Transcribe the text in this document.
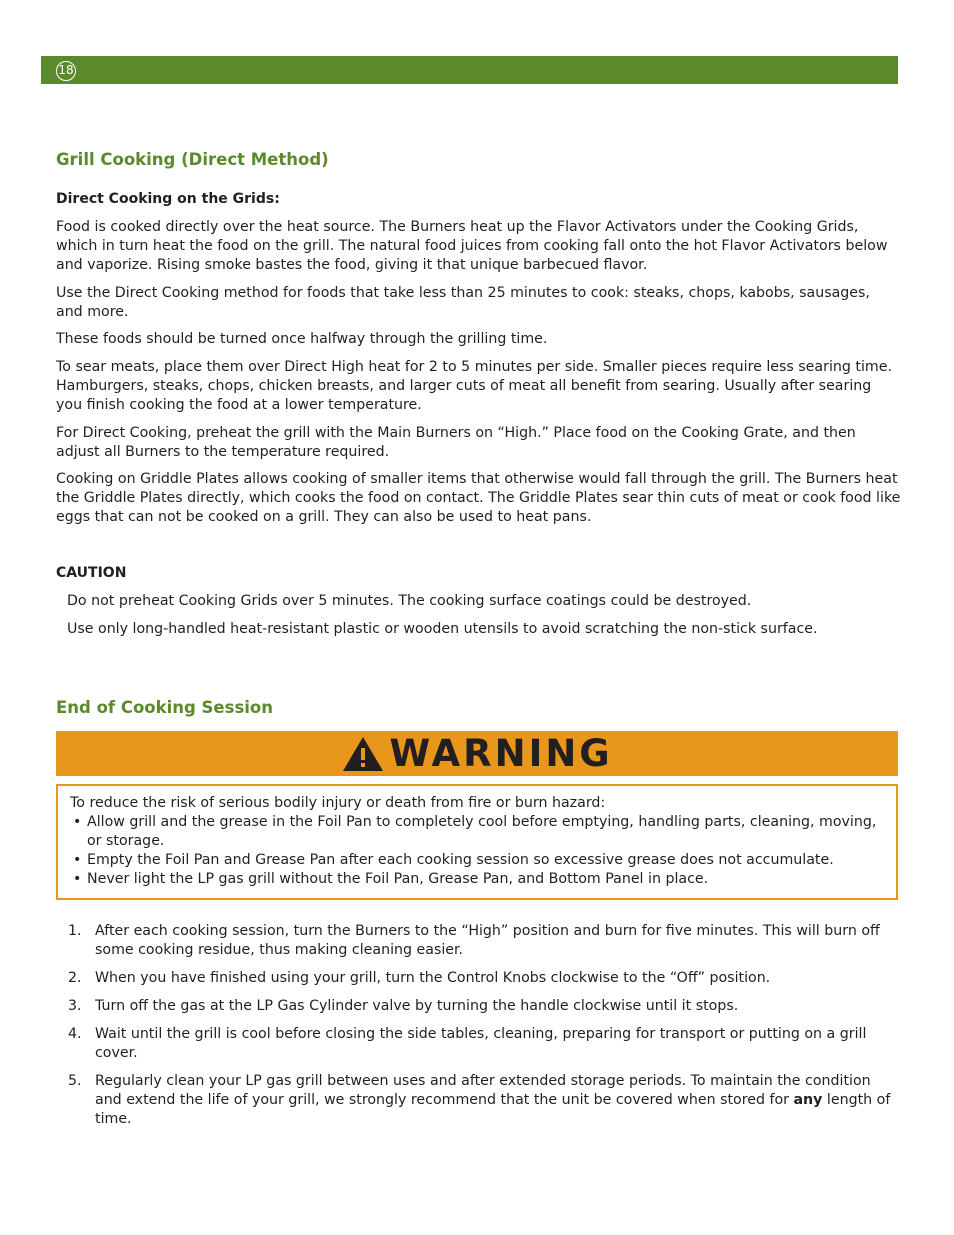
18
Grill Cooking (Direct Method)
Direct Cooking on the Grids:

Food is cooked directly over the heat source. The Burners heat up the Flavor Activators under the Cooking Grids, which in turn heat the food on the grill. The natural food juices from cooking fall onto the hot Flavor Activators below and vaporize. Rising smoke bastes the food, giving it that unique barbecued flavor.

Use the Direct Cooking method for foods that take less than 25 minutes to cook: steaks, chops, kabobs, sausages, and more.

These foods should be turned once halfway through the grilling time.

To sear meats, place them over Direct High heat for 2 to 5 minutes per side. Smaller pieces require less searing time. Hamburgers, steaks, chops, chicken breasts, and larger cuts of meat all benefit from searing. Usually after searing you finish cooking the food at a lower temperature.

For Direct Cooking, preheat the grill with the Main Burners on “High.” Place food on the Cooking Grate, and then adjust all Burners to the temperature required.

Cooking on Griddle Plates allows cooking of smaller items that otherwise would fall through the grill. The Burners heat the Griddle Plates directly, which cooks the food on contact. The Griddle Plates sear thin cuts of meat or cook food like eggs that can not be cooked on a grill. They can also be used to heat pans.

CAUTION

Do not preheat Cooking Grids over 5 minutes. The cooking surface coatings could be destroyed.

Use only long-handled heat-resistant plastic or wooden utensils to avoid scratching the non-stick surface.

End of Cooking Session
WARNING
To reduce the risk of serious bodily injury or death from fire or burn hazard:
• Allow grill and the grease in the Foil Pan to completely cool before emptying, handling parts, cleaning, moving, or storage.
• Empty the Foil Pan and Grease Pan after each cooking session so excessive grease does not accumulate.
• Never light the LP gas grill without the Foil Pan, Grease Pan, and Bottom Panel in place.
1. After each cooking session, turn the Burners to the “High” position and burn for five minutes. This will burn off some cooking residue, thus making cleaning easier.
2. When you have finished using your grill, turn the Control Knobs clockwise to the “Off” position.
3. Turn off the gas at the LP Gas Cylinder valve by turning the handle clockwise until it stops.
4. Wait until the grill is cool before closing the side tables, cleaning, preparing for transport or putting on a grill cover.
5. Regularly clean your LP gas grill between uses and after extended storage periods. To maintain the condition and extend the life of your grill, we strongly recommend that the unit be covered when stored for any length of time.
